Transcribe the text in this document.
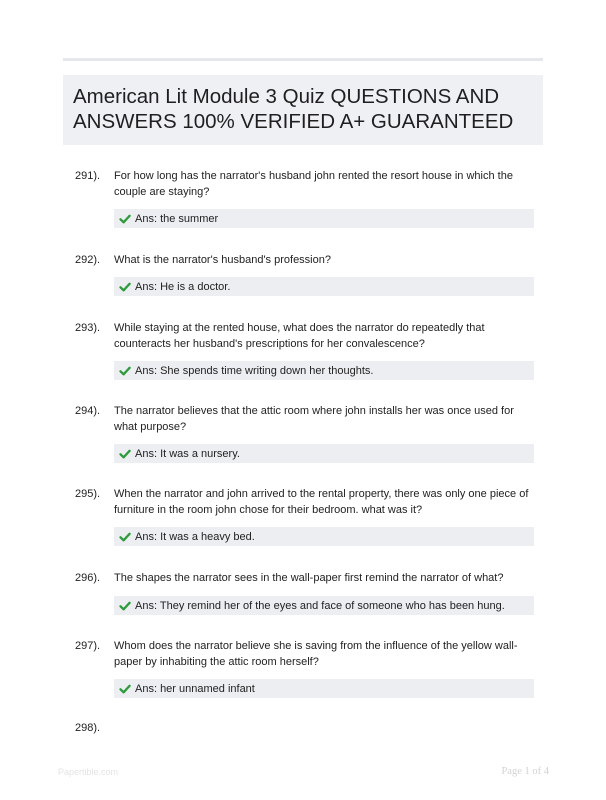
American Lit Module 3 Quiz QUESTIONS AND ANSWERS 100% VERIFIED A+ GUARANTEED
291). For how long has the narrator's husband john rented the resort house in which the couple are staying?
Ans: the summer
292). What is the narrator's husband's profession?
Ans: He is a doctor.
293). While staying at the rented house, what does the narrator do repeatedly that counteracts her husband's prescriptions for her convalescence?
Ans: She spends time writing down her thoughts.
294). The narrator believes that the attic room where john installs her was once used for what purpose?
Ans: It was a nursery.
295). When the narrator and john arrived to the rental property, there was only one piece of furniture in the room john chose for their bedroom. what was it?
Ans: It was a heavy bed.
296). The shapes the narrator sees in the wall-paper first remind the narrator of what?
Ans: They remind her of the eyes and face of someone who has been hung.
297). Whom does the narrator believe she is saving from the influence of the yellow wall-paper by inhabiting the attic room herself?
Ans: her unnamed infant
298).
Papertible.com	Page 1 of 4
